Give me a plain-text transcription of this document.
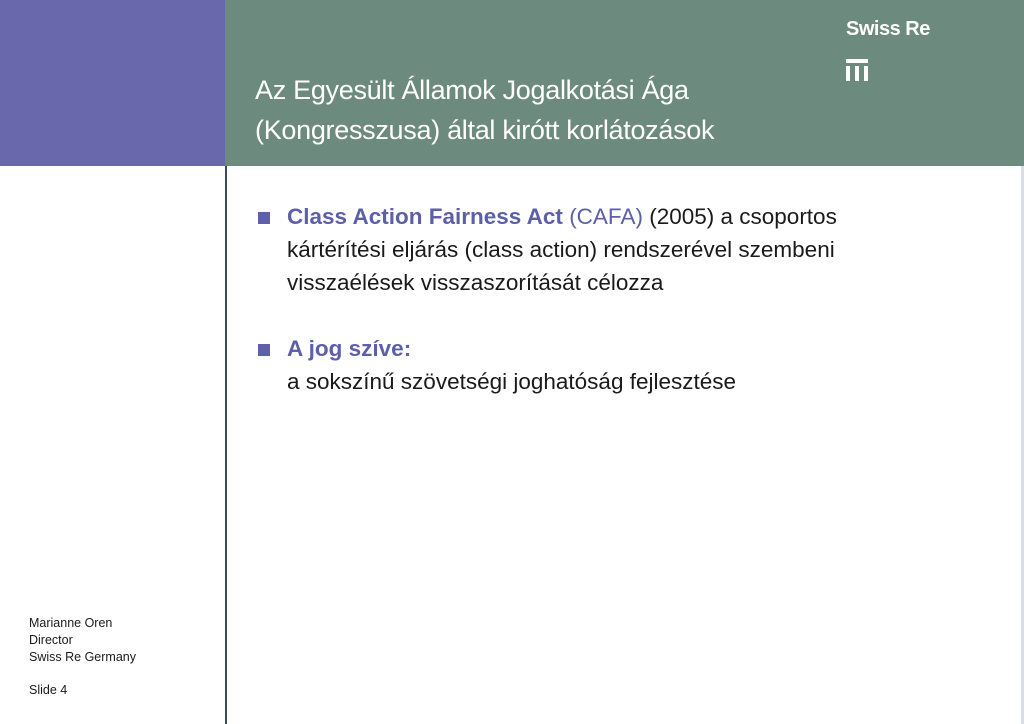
Az Egyesült Államok Jogalkotási Ága
(Kongresszusa) által kirótt korlátozások
Swiss Re
Class Action Fairness Act (CAFA) (2005) a csoportos
kártérítési eljárás (class action) rendszerével szembeni
visszaélések visszaszorítását célozza
A jog szíve:
a sokszínű szövetségi joghatóság fejlesztése
Marianne Oren
Director
Swiss Re Germany
Slide 4
